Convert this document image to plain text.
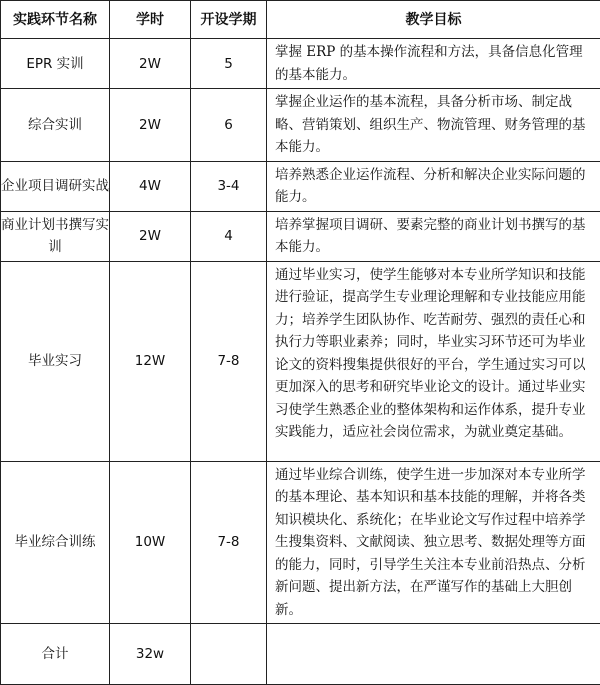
实践环节名称	学时	开设学期	教学目标
EPR 实训	2W	5	掌握 ERP 的基本操作流程和方法，具备信息化管理的基本能力。
综合实训	2W	6	掌握企业运作的基本流程，具备分析市场、制定战略、营销策划、组织生产、物流管理、财务管理的基本能力。
企业项目调研实战	4W	3-4	培养熟悉企业运作流程、分析和解决企业实际问题的能力。
商业计划书撰写实训	2W	4	培养掌握项目调研、要素完整的商业计划书撰写的基本能力。
毕业实习	12W	7-8	通过毕业实习，使学生能够对本专业所学知识和技能进行验证，提高学生专业理论理解和专业技能应用能力；培养学生团队协作、吃苦耐劳、强烈的责任心和执行力等职业素养；同时，毕业实习环节还可为毕业论文的资料搜集提供很好的平台，学生通过实习可以更加深入的思考和研究毕业论文的设计。通过毕业实习使学生熟悉企业的整体架构和运作体系，提升专业实践能力，适应社会岗位需求，为就业奠定基础。
毕业综合训练	10W	7-8	通过毕业综合训练，使学生进一步加深对本专业所学的基本理论、基本知识和基本技能的理解，并将各类知识模块化、系统化；在毕业论文写作过程中培养学生搜集资料、文献阅读、独立思考、数据处理等方面的能力，同时，引导学生关注本专业前沿热点、分析新问题、提出新方法，在严谨写作的基础上大胆创新。
合计	32w		
